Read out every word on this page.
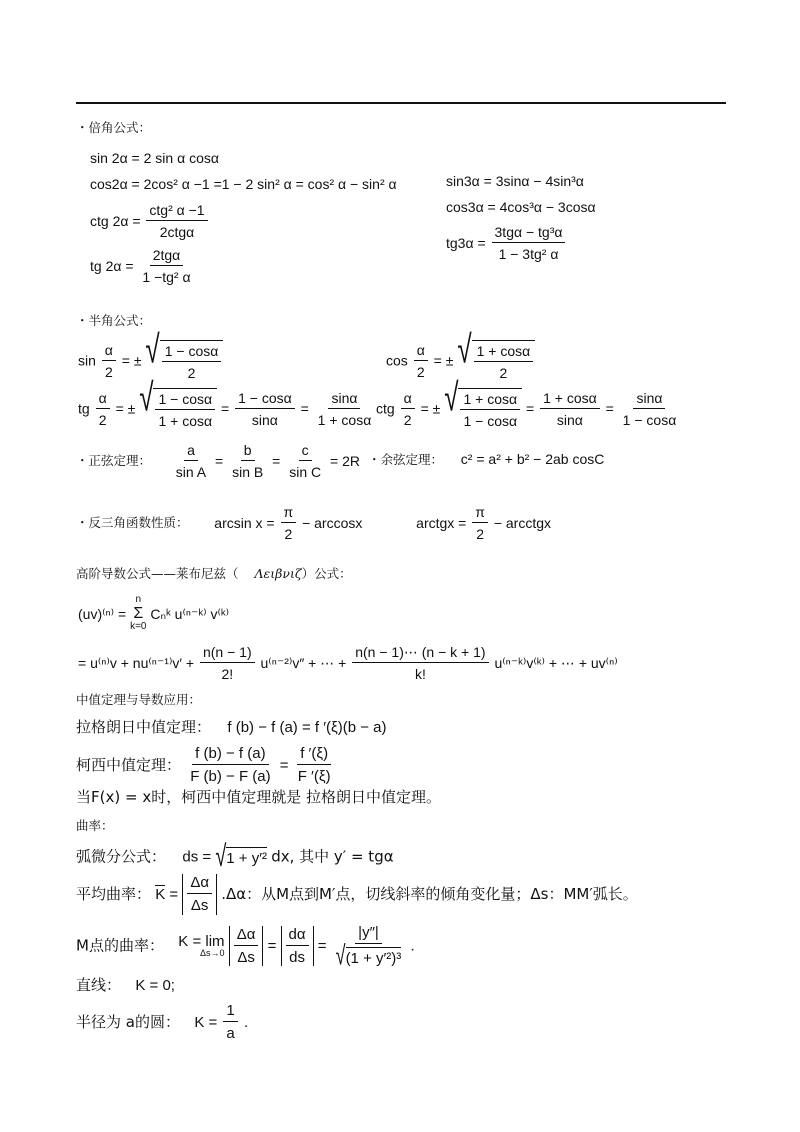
・倍角公式：
sin 2α = 2 sin α cosα
cos2α = 2cos² α −1 =1 − 2 sin² α = cos² α − sin² α
ctg $2\alpha = \frac{\text{ctg² α −1}}{\text{2ctgα}}$
tg $2\alpha = \frac{\text{2tgα}}{\text{1 −tg² α}}$
sin3α = 3sinα − 4sin³α
cos3α = 4cos³α − 3cosα
$tg3\alpha = \frac{\text{3tgα − tg³α}}{\text{1 − 3tg² α}}$
・半角公式：
$\sin \frac{\alpha}{2}$ = ± √ $\frac{1 - \cos\alpha}{2}$	$\cos \frac{\alpha}{2}$ = ± √ $\frac{1 + \cos\alpha}{2}$
tg $\frac{\alpha}{2}$ = ± √ $\frac{1 - \cos\alpha}{1 + \cos\alpha} = \frac{1 - \cos\alpha}{\sin\alpha} = \frac{\sin\alpha}{1 + \cos\alpha}$ ctg $\frac{\alpha}{2}$ = ± √ $\frac{1 + \cos\alpha}{1 - \cos\alpha} = \frac{1 + \cos\alpha}{\sin\alpha} = \frac{\sin\alpha}{1 - \cos\alpha}$
・正弦定理： $\frac{a}{\text{sin A}} = \frac{b}{\text{sin B}} = \frac{c}{\text{sin C}} = 2R$ ・余弦定理： c² = a² + b² − 2ab cosC
・反三角函数性质： $\arcsin x = \frac{\pi}{2} - \arccos x$	arctgx = $\frac{\pi}{2}$ − arcctgx
高阶导数公式——莱布尼兹（ Λειβνιζ）公式：
(uv)⁽ⁿ⁾ =
n
Σ
k=0
Cₙᵏ u⁽ⁿ⁻ᵏ⁾ v⁽ᵏ⁾
= $u^{(n)}v + nu^{(n-1)}v' + \frac{n(n - 1)}{2!} u^{(n-2)}v''$ + ⋯ + $\frac{n(n - 1)\cdots (n - k + 1)}{k!}$ u⁽ⁿ⁻ᵏ⁾v⁽ᵏ⁾ + ⋯ + uv⁽ⁿ⁾
中值定理与导数应用：
拉格朗日中值定理： f (b) − f (a) = f ′(ξ)(b − a)
柯西中值定理： $\frac{f (b) - f (a)}{F (b) - F (a)} = \frac{f '(\xi)}{F '(\xi)}$
当F(x) = x时，柯西中值定理就是 拉格朗日中值定理。
曲率：
弧微分公式： ds = √ 1 + y′² dx, 其中 y′ = tgα
平均曲率： $K = \frac{\Delta\alpha}{\Delta s} .\Delta\alpha$：从M点到M′点，切线斜率的倾角变化量；Δs：MM′弧长。
M点的曲率： K = lim
Δs→0
$\frac{\Delta\alpha}{\Delta s} = \frac{d\alpha}{ds} = \frac{|y''|}{\text{√ (1 + y′²)³}}$ .
直线： K = 0;
半径为 a的圆： $K = \frac{1}{a}$ .
